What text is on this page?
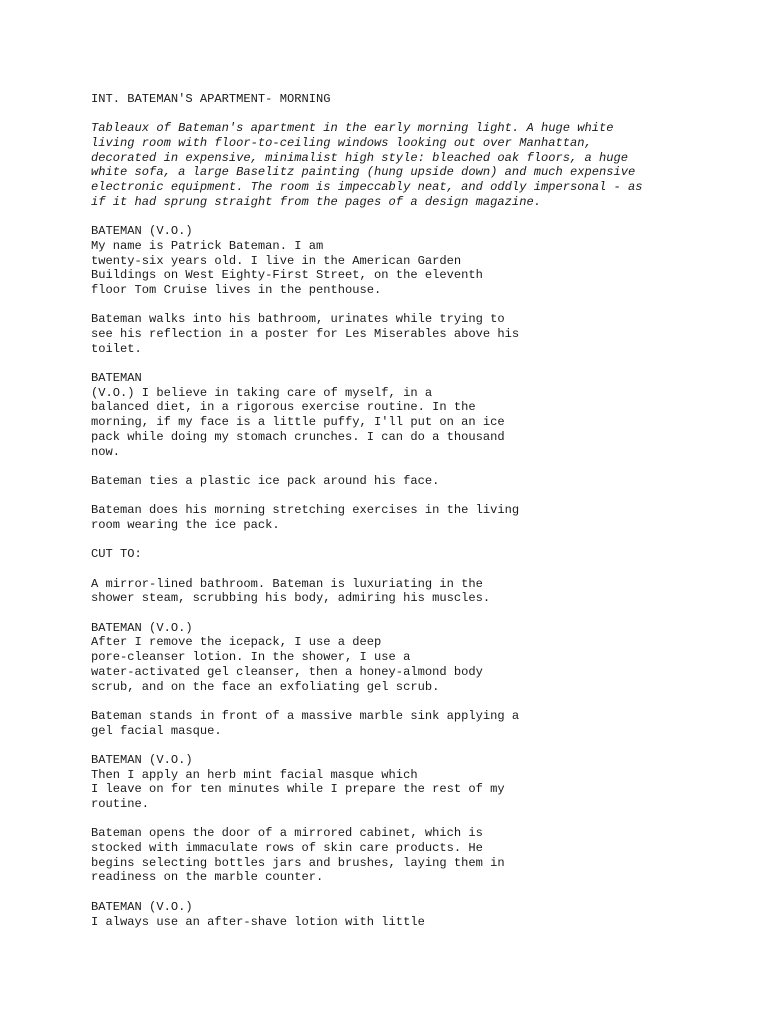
INT. BATEMAN'S APARTMENT- MORNING
Tableaux of Bateman's apartment in the early morning light. A huge white
living room with floor-to-ceiling windows looking out over Manhattan,
decorated in expensive, minimalist high style: bleached oak floors, a huge
white sofa, a large Baselitz painting (hung upside down) and much expensive
electronic equipment. The room is impeccably neat, and oddly impersonal - as
if it had sprung straight from the pages of a design magazine.
BATEMAN (V.O.)
My name is Patrick Bateman. I am
twenty-six years old. I live in the American Garden
Buildings on West Eighty-First Street, on the eleventh
floor Tom Cruise lives in the penthouse.
Bateman walks into his bathroom, urinates while trying to
see his reflection in a poster for Les Miserables above his
toilet.
BATEMAN
(V.O.) I believe in taking care of myself, in a
balanced diet, in a rigorous exercise routine. In the
morning, if my face is a little puffy, I'll put on an ice
pack while doing my stomach crunches. I can do a thousand
now.
Bateman ties a plastic ice pack around his face.
Bateman does his morning stretching exercises in the living
room wearing the ice pack.
CUT TO:
A mirror-lined bathroom. Bateman is luxuriating in the
shower steam, scrubbing his body, admiring his muscles.
BATEMAN (V.O.)
After I remove the icepack, I use a deep
pore-cleanser lotion. In the shower, I use a
water-activated gel cleanser, then a honey-almond body
scrub, and on the face an exfoliating gel scrub.
Bateman stands in front of a massive marble sink applying a
gel facial masque.
BATEMAN (V.O.)
Then I apply an herb mint facial masque which
I leave on for ten minutes while I prepare the rest of my
routine.
Bateman opens the door of a mirrored cabinet, which is
stocked with immaculate rows of skin care products. He
begins selecting bottles jars and brushes, laying them in
readiness on the marble counter.
BATEMAN (V.O.)
I always use an after-shave lotion with little
